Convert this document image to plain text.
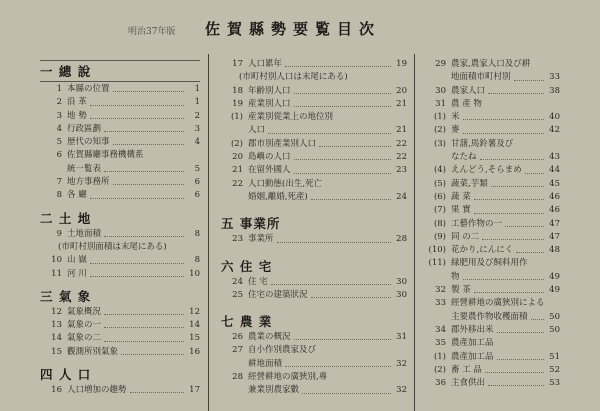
明治37年版 佐賀縣勢要覧目次
一 總 說
1 本縣の位置	1
2 沿 革	1
3 地 勢	2
4 行政區劃	3
5 歴代の知事	4
6 佐賀縣廳事務機構系
統一覧表	5
7 地方事務所	6
8 各 廳	6
二 土 地
9 土地面積	8
(市町村別面積は末尾にある)
10 山 嶽	8
11 河 川	10
三 氣 象
12 氣象概況	12
13 氣象の一	14
14 氣象の二	15
15 觀測所別氣象	16
四 人 口
16 人口増加の趨勢	17
17 人口累年	19
(市町村別人口は末尾にある)
18 年齢別人口	20
19 産業別人口	21
(1) 産業別從業上の地位別
人口	21
(2) 郡市別產業別人口	22
20 島嶼の人口	22
21 在留外國人	23
22 人口動態(出生,死亡
婚姻,離婚,死產)	24
五 事業所
23 事業所	28
六 住 宅
24 住 宅	30
25 住宅の建築狀況	30
七 農 業
26 農業の概況	31
27 自小作別農家及び
耕地面積	32
28 經營耕地の廣狹別,專
兼業別農家數	32
29 農家,農家人口及び耕
地面積市町村別	33
30 農家人口	38
31 農 產 物
(1) 米	40
(2) 麥	42
(3) 甘藷,馬鈴薯及び
なたね	43
(4) えんどう,そらまめ	44
(5) 蔬菜,芋類	45
(6) 蔬 菜	46
(7) 果 實	46
(8) 工藝作物の一	47
(9) 同 の二	47
(10) 花かり,にんにく	48
(11) 緑肥用及び飼料用作
物	49
32 製 茶	49
33 經營耕地の廣狹別による
主要農作物收穫面積	50
34 郡外移出米	50
35 農產加工品
(1) 農產加工品	51
(2) 畜 工 品	52
36 主食供出	53
